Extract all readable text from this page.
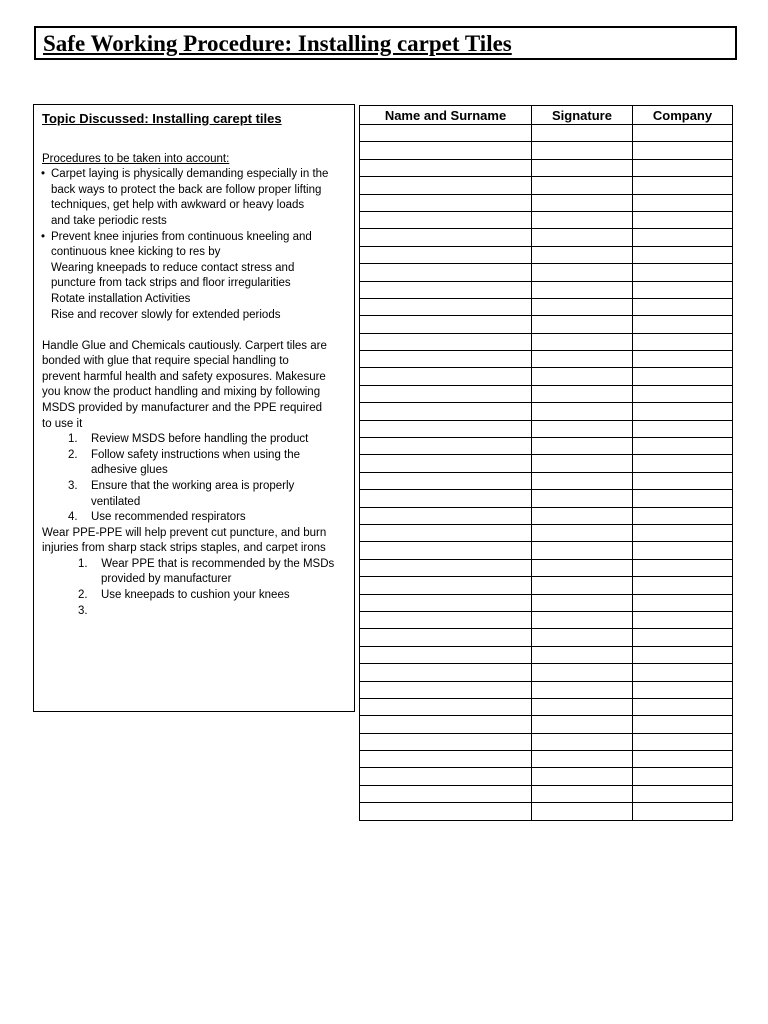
Safe Working Procedure: Installing carpet Tiles
Topic Discussed: Installing carept tiles
Procedures to be taken into account:
• Carpet laying is physically demanding especially in the
back ways to protect the back are follow proper lifting
techniques, get help with awkward or heavy loads
and take periodic rests
• Prevent knee injuries from continuous kneeling and
continuous knee kicking to res by
Wearing kneepads to reduce contact stress and
puncture from tack strips and floor irregularities
Rotate installation Activities
Rise and recover slowly for extended periods
Handle Glue and Chemicals cautiously. Carpert tiles are
bonded with glue that require special handling to
prevent harmful health and safety exposures. Makesure
you know the product handling and mixing by following
MSDS provided by manufacturer and the PPE required
to use it
1. Review MSDS before handling the product
2. Follow safety instructions when using the
adhesive glues
3. Ensure that the working area is properly
ventilated
4. Use recommended respirators
Wear PPE-PPE will help prevent cut puncture, and burn
injuries from sharp stack strips staples, and carpet irons
1. Wear PPE that is recommended by the MSDs
provided by manufacturer
2. Use kneepads to cushion your knees
3.
Name and Surname	Signature	Company
